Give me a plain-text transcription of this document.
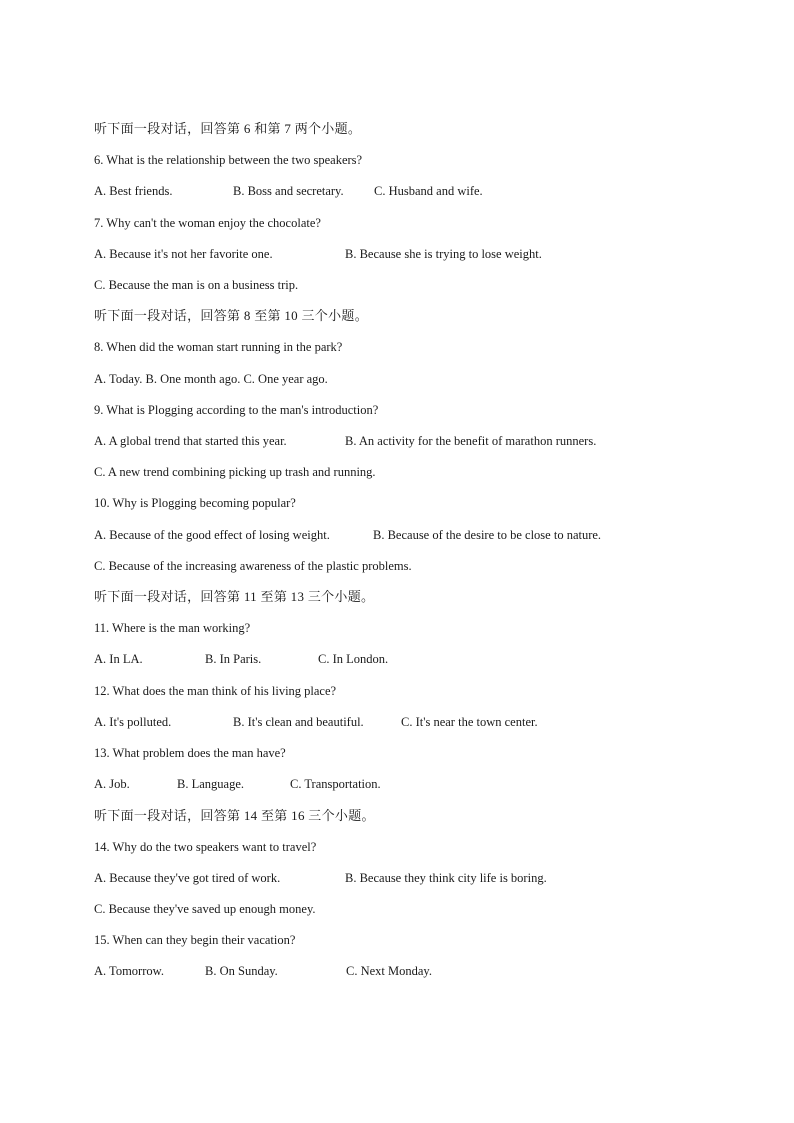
听下面一段对话，回答第 6 和第 7 两个小题。
6. What is the relationship between the two speakers?
A. Best friends.	B. Boss and secretary. C. Husband and wife.
7. Why can't the woman enjoy the chocolate?
A. Because it's not her favorite one.	B. Because she is trying to lose weight.
C. Because the man is on a business trip.
听下面一段对话，回答第 8 至第 10 三个小题。
8. When did the woman start running in the park?
A. Today. B. One month ago. C. One year ago.
9. What is Plogging according to the man's introduction?
A. A global trend that started this year.	B. An activity for the benefit of marathon runners.
C. A new trend combining picking up trash and running.
10. Why is Plogging becoming popular?
A. Because of the good effect of losing weight.	B. Because of the desire to be close to nature.
C. Because of the increasing awareness of the plastic problems.
听下面一段对话，回答第 11 至第 13 三个小题。
11. Where is the man working?
A. In LA.	B. In Paris.	C. In London.
12. What does the man think of his living place?
A. It's polluted.	B. It's clean and beautiful.	C. It's near the town center.
13. What problem does the man have?
A. Job.	B. Language.	C. Transportation.
听下面一段对话，回答第 14 至第 16 三个小题。
14. Why do the two speakers want to travel?
A. Because they've got tired of work.	B. Because they think city life is boring.
C. Because they've saved up enough money.
15. When can they begin their vacation?
A. Tomorrow.	B. On Sunday.	C. Next Monday.
